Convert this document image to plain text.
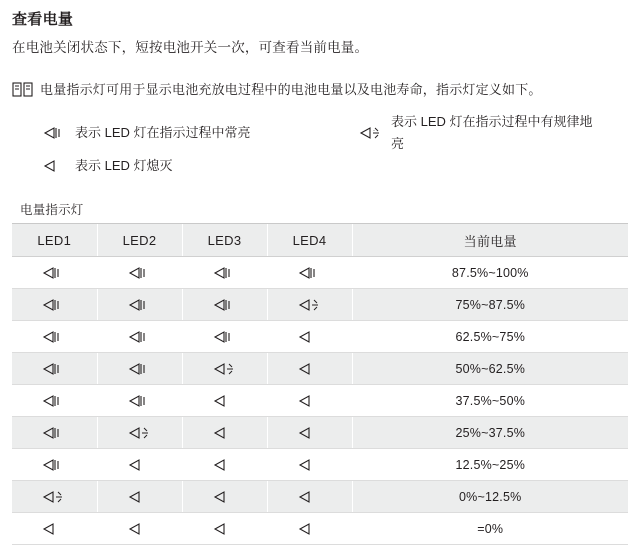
查看电量

在电池关闭状态下，短按电池开关一次，可查看当前电量。

电量指示灯可用于显示电池充放电过程中的电池电量以及电池寿命，指示灯定义如下。
表示 LED 灯在指示过程中常亮
表示 LED 灯在指示过程中有规律地亮
表示 LED 灯熄灭
电量指示灯
LED1	LED2	LED3	LED4	当前电量
				87.5%~100%
				75%~87.5%
				62.5%~75%
				50%~62.5%
				37.5%~50%
				25%~37.5%
				12.5%~25%
				0%~12.5%
				=0%
